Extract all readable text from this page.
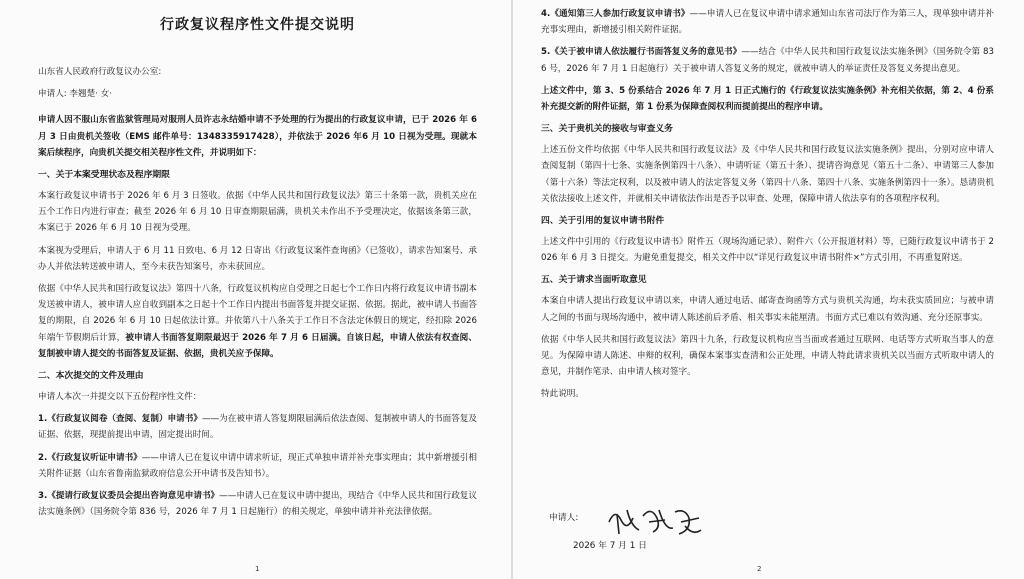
行政复议程序性文件提交说明
山东省人民政府行政复议办公室:
申请人: 李翘楚· 女·
申请人因不服山东省监狱管理局对服刑人员许志永结婚申请不予处理的行为提出的行政复议申请，已于 2026 年 6 月 3 日由贵机关签收（EMS 邮件单号：1348335917428），并依法于 2026 年6 月 10 日视为受理。现就本案后续程序，向贵机关提交相关程序性文件，并说明如下：
一、关于本案受理状态及程序期限
本案行政复议申请书于 2026 年 6 月 3 日签收。依据《中华人民共和国行政复议法》第三十条第一款，贵机关应在五个工作日内进行审查；截至 2026 年 6 月 10 日审查期限届满，贵机关未作出不予受理决定，依据该条第三款，本案已于 2026 年 6 月 10 日视为受理。
本案视为受理后，申请人于 6 月 11 日致电、6 月 12 日寄出《行政复议案件查询函》（已签收），请求告知案号、承办人并依法转送被申请人，至今未获告知案号，亦未获回应。
依据《中华人民共和国行政复议法》第四十八条，行政复议机构应自受理之日起七个工作日内将行政复议申请书副本发送被申请人，被申请人应自收到副本之日起十个工作日内提出书面答复并提交证据、依据。据此，被申请人书面答复的期限，自 2026 年 6 月 10 日起依法计算。并依第八十八条关于工作日不含法定休假日的规定，经扣除 2026 年端午节假期后计算，被申请人书面答复期限最迟于 2026 年 7 月 6 日届满。自该日起，申请人依法有权查阅、复制被申请人提交的书面答复及证据、依据，贵机关应予保障。
二、本次提交的文件及理由
申请人本次一并提交以下五份程序性文件：
1.《行政复议阅卷（查阅、复制）申请书》——为在被申请人答复期限届满后依法查阅、复制被申请人的书面答复及证据、依据，现提前提出申请，固定提出时间。
2.《行政复议听证申请书》——申请人已在复议申请中请求听证，现正式单独申请并补充事实理由；其中新增援引相关附件证据（山东省鲁南监狱政府信息公开申请书及告知书）。
3.《提请行政复议委员会提出咨询意见申请书》——申请人已在复议申请中提出，现结合《中华人民共和国行政复议法实施条例》（国务院令第 836 号，2026 年 7 月 1 日起施行）的相关规定，单独申请并补充法律依据。
1
4.《通知第三人参加行政复议申请书》——申请人已在复议申请中请求通知山东省司法厅作为第三人，现单独申请并补充事实理由，新增援引相关附件证据。
5.《关于被申请人依法履行书面答复义务的意见书》——结合《中华人民共和国行政复议法实施条例》（国务院令第 836 号，2026 年 7 月 1 日起施行）关于被申请人答复义务的规定，就被申请人的举证责任及答复义务提出意见。
上述文件中，第 3、5 份系结合 2026 年 7 月 1 日正式施行的《行政复议法实施条例》补充相关依据，第 2、4 份系补充提交新的附件证据，第 1 份系为保障查阅权利而提前提出的程序申请。
三、关于贵机关的接收与审查义务
上述五份文件均依据《中华人民共和国行政复议法》及《中华人民共和国行政复议法实施条例》提出，分别对应申请人查阅复制（第四十七条、实施条例第四十八条）、申请听证（第五十条）、提请咨询意见（第五十二条）、申请第三人参加（第十六条）等法定权利，以及被申请人的法定答复义务（第四十八条、第四十八条、实施条例第四十一条）。恳请贵机关依法接收上述文件，并就相关申请依法作出是否予以审查、处理，保障申请人依法享有的各项程序权利。
四、关于引用的复议申请书附件
上述文件中引用的《行政复议申请书》附件五（现场沟通记录）、附件六（公开报道材料）等，已随行政复议申请书于 2026 年 6 月 3 日提交。为避免重复提交，相关文件中以“详见行政复议申请书附件×”方式引用，不再重复附送。
五、关于请求当面听取意见
本案自申请人提出行政复议申请以来，申请人通过电话、邮寄查询函等方式与贵机关沟通，均未获实质回应；与被申请人之间的书面与现场沟通中，被申请人陈述前后矛盾、相关事实未能厘清。书面方式已难以有效沟通、充分还原事实。
依据《中华人民共和国行政复议法》第四十九条，行政复议机构应当当面或者通过互联网、电话等方式听取当事人的意见。为保障申请人陈述、申辩的权利，确保本案事实查清和公正处理，申请人特此请求贵机关以当面方式听取申请人的意见，并制作笔录、由申请人核对签字。
特此说明。
申请人:
2026 年 7 月 1 日
2
